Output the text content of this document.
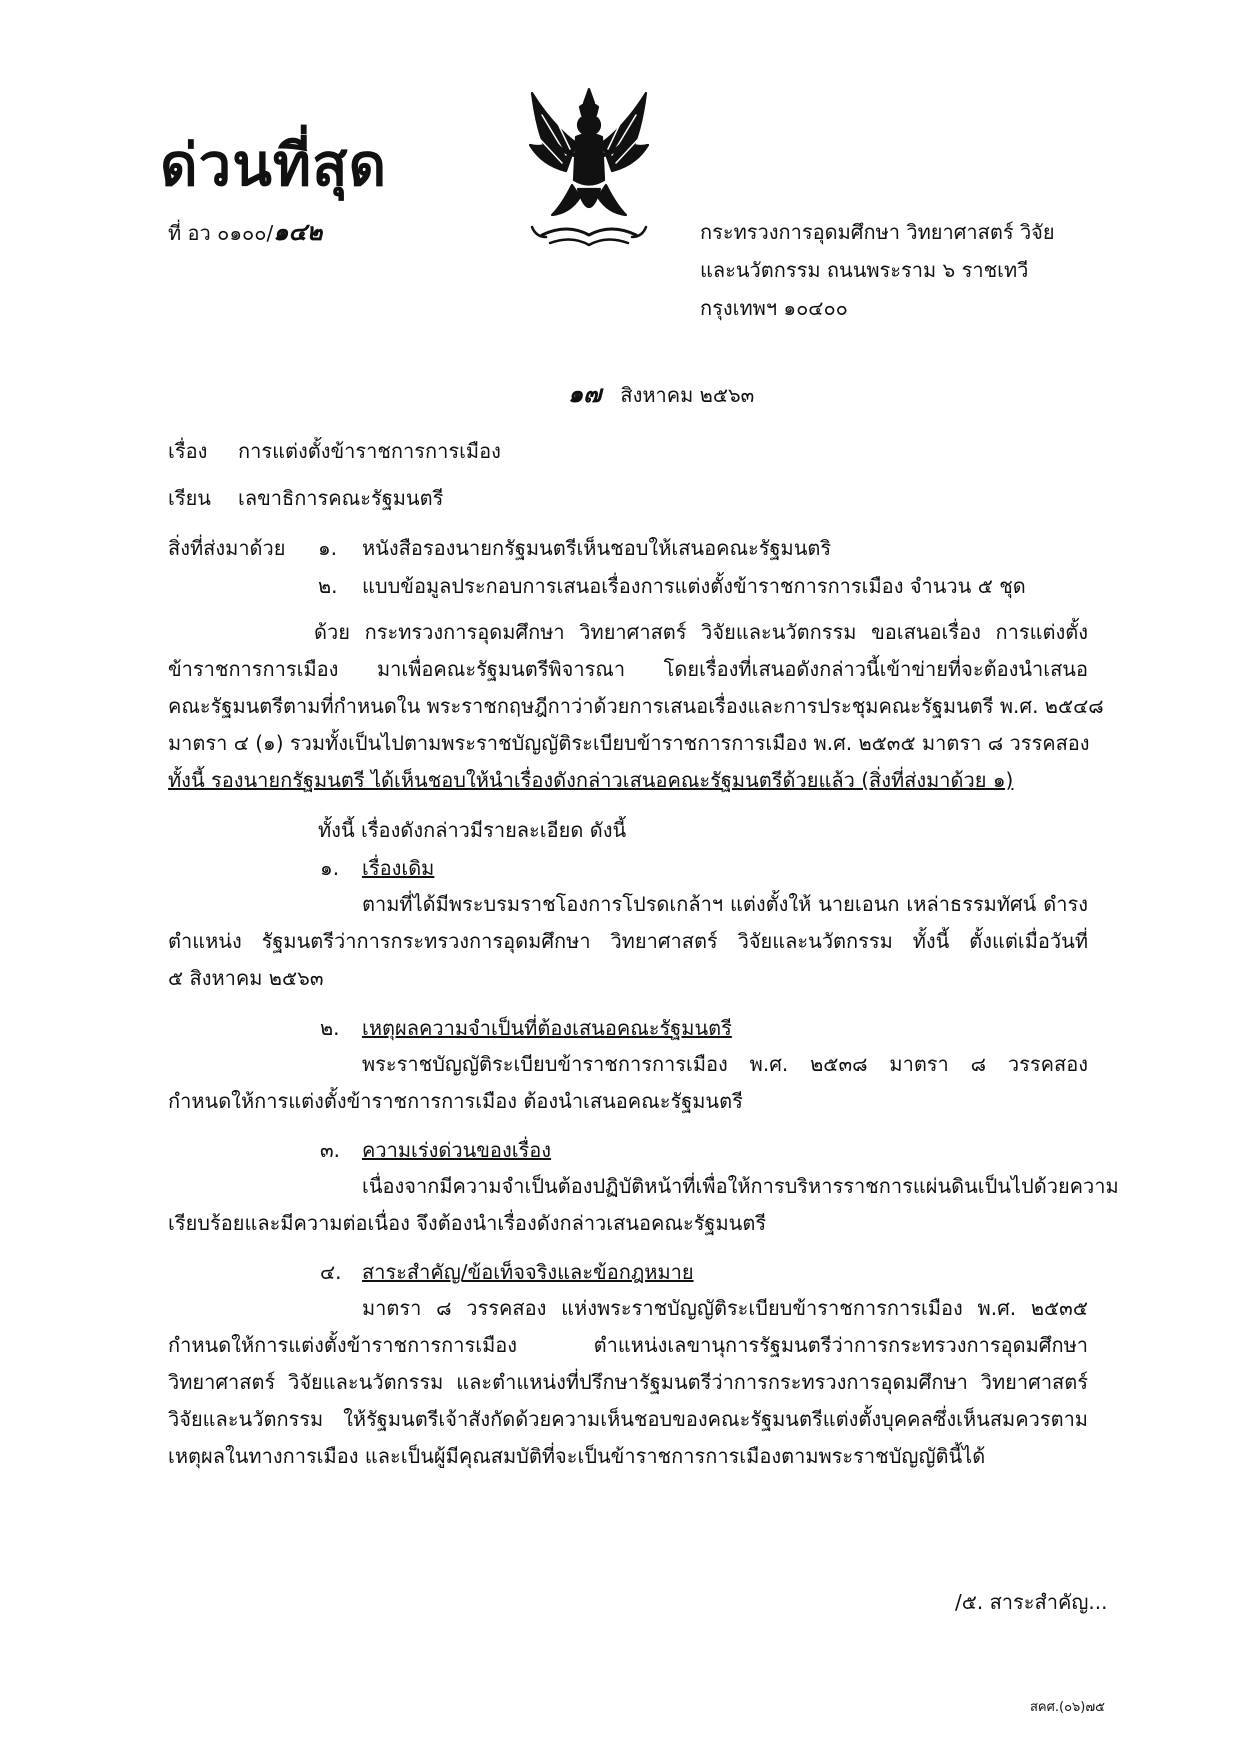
ด่วนที่สุด
ที่ อว ๐๑๐๐/๑๔๒	กระทรวงการอุดมศึกษา วิทยาศาสตร์ วิจัย
และนวัตกรรม ถนนพระราม ๖ ราชเทวี
กรุงเทพฯ ๑๐๔๐๐
๑๗ สิงหาคม ๒๕๖๓
เรื่อง การแต่งตั้งข้าราชการการเมือง
เรียน เลขาธิการคณะรัฐมนตรี
สิ่งที่ส่งมาด้วย ๑. หนังสือรองนายกรัฐมนตรีเห็นชอบให้เสนอคณะรัฐมนตริ
๒. แบบข้อมูลประกอบการเสนอเรื่องการแต่งตั้งข้าราชการการเมือง จำนวน ๕ ชุด
ด้วย กระทรวงการอุดมศึกษา วิทยาศาสตร์ วิจัยและนวัตกรรม ขอเสนอเรื่อง การแต่งตั้ง
ข้าราชการการเมือง มาเพื่อคณะรัฐมนตรีพิจารณา โดยเรื่องที่เสนอดังกล่าวนี้เข้าข่ายที่จะต้องนำเสนอ
คณะรัฐมนตรีตามที่กำหนดใน พระราชกฤษฎีกาว่าด้วยการเสนอเรื่องและการประชุมคณะรัฐมนตรี พ.ศ. ๒๕๔๘
มาตรา ๔ (๑) รวมทั้งเป็นไปตามพระราชบัญญัติระเบียบข้าราชการการเมือง พ.ศ. ๒๕๓๕ มาตรา ๘ วรรคสอง
ทั้งนี้ รองนายกรัฐมนตรี ได้เห็นชอบให้นำเรื่องดังกล่าวเสนอคณะรัฐมนตรีด้วยแล้ว (สิ่งที่ส่งมาด้วย ๑)
ทั้งนี้ เรื่องดังกล่าวมีรายละเอียด ดังนี้
๑. เรื่องเดิม
ตามที่ได้มีพระบรมราชโองการโปรดเกล้าฯ แต่งตั้งให้ นายเอนก เหล่าธรรมทัศน์ ดำรง
ตำแหน่ง รัฐมนตรีว่าการกระทรวงการอุดมศึกษา วิทยาศาสตร์ วิจัยและนวัตกรรม ทั้งนี้ ตั้งแต่เมื่อวันที่
๕ สิงหาคม ๒๕๖๓
๒. เหตุผลความจำเป็นที่ต้องเสนอคณะรัฐมนตรี
พระราชบัญญัติระเบียบข้าราชการการเมือง พ.ศ. ๒๕๓๘ มาตรา ๘ วรรคสอง
กำหนดให้การแต่งตั้งข้าราชการการเมือง ต้องนำเสนอคณะรัฐมนตรี
๓. ความเร่งด่วนของเรื่อง
เนื่องจากมีความจำเป็นต้องปฏิบัติหน้าที่เพื่อให้การบริหารราชการแผ่นดินเป็นไปด้วยความ
เรียบร้อยและมีความต่อเนื่อง จึงต้องนำเรื่องดังกล่าวเสนอคณะรัฐมนตรี
๔. สาระสำคัญ/ข้อเท็จจริงและข้อกฎหมาย
มาตรา ๘ วรรคสอง แห่งพระราชบัญญัติระเบียบข้าราชการการเมือง พ.ศ. ๒๕๓๕
กำหนดให้การแต่งตั้งข้าราชการการเมือง ตำแหน่งเลขานุการรัฐมนตรีว่าการกระทรวงการอุดมศึกษา
วิทยาศาสตร์ วิจัยและนวัตกรรม และตำแหน่งที่ปรึกษารัฐมนตรีว่าการกระทรวงการอุดมศึกษา วิทยาศาสตร์
วิจัยและนวัตกรรม ให้รัฐมนตรีเจ้าสังกัดด้วยความเห็นชอบของคณะรัฐมนตรีแต่งตั้งบุคคลซึ่งเห็นสมควรตาม
เหตุผลในทางการเมือง และเป็นผู้มีคุณสมบัติที่จะเป็นข้าราชการการเมืองตามพระราชบัญญัตินี้ได้
/๕. สาระสำคัญ...
สคศ.(๐๖)๗๕
